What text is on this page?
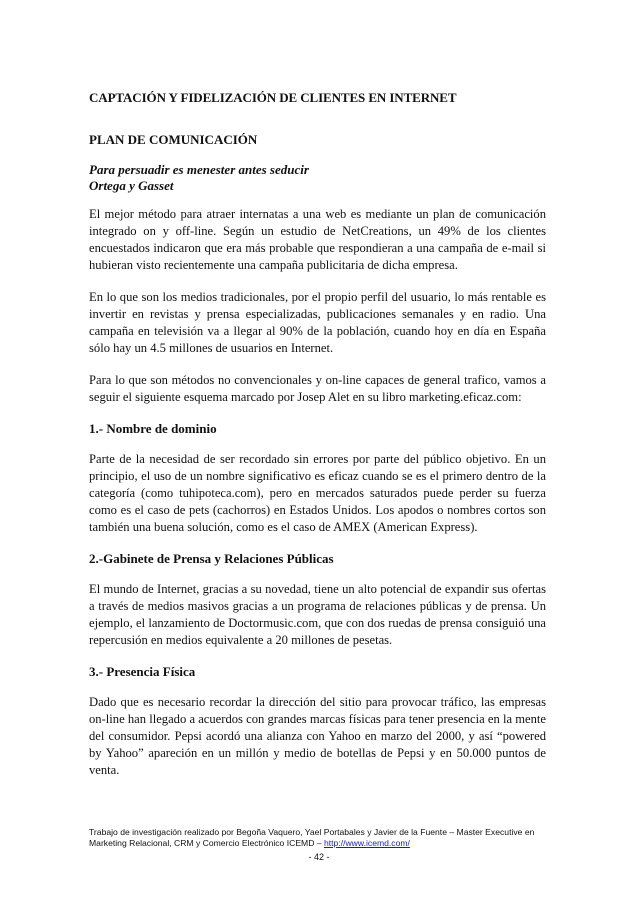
CAPTACIÓN Y FIDELIZACIÓN DE CLIENTES EN INTERNET
PLAN DE COMUNICACIÓN
Para persuadir es menester antes seducir
Ortega y Gasset

El mejor método para atraer internatas a una web es mediante un plan de comunicación integrado on y off-line. Según un estudio de NetCreations, un 49% de los clientes encuestados indicaron que era más probable que respondieran a una campaña de e-mail si hubieran visto recientemente una campaña publicitaria de dicha empresa.

En lo que son los medios tradicionales, por el propio perfil del usuario, lo más rentable es invertir en revistas y prensa especializadas, publicaciones semanales y en radio. Una campaña en televisión va a llegar al 90% de la población, cuando hoy en día en España sólo hay un 4.5 millones de usuarios en Internet.

Para lo que son métodos no convencionales y on-line capaces de general trafico, vamos a seguir el siguiente esquema marcado por Josep Alet en su libro marketing.eficaz.com:

1.- Nombre de dominio

Parte de la necesidad de ser recordado sin errores por parte del público objetivo. En un principio, el uso de un nombre significativo es eficaz cuando se es el primero dentro de la categoría (como tuhipoteca.com), pero en mercados saturados puede perder su fuerza como es el caso de pets (cachorros) en Estados Unidos. Los apodos o nombres cortos son también una buena solución, como es el caso de AMEX (American Express).

2.-Gabinete de Prensa y Relaciones Públicas

El mundo de Internet, gracias a su novedad, tiene un alto potencial de expandir sus ofertas a través de medios masivos gracias a un programa de relaciones públicas y de prensa. Un ejemplo, el lanzamiento de Doctormusic.com, que con dos ruedas de prensa consiguió una repercusión en medios equivalente a 20 millones de pesetas.

3.- Presencia Física

Dado que es necesario recordar la dirección del sitio para provocar tráfico, las empresas on-line han llegado a acuerdos con grandes marcas físicas para tener presencia en la mente del consumidor. Pepsi acordó una alianza con Yahoo en marzo del 2000, y así “powered by Yahoo” apareción en un millón y medio de botellas de Pepsi y en 50.000 puntos de venta.

Trabajo de investigación realizado por Begoña Vaquero, Yael Portabales y Javier de la Fuente – Master Executive en Marketing Relacional, CRM y Comercio Electrónico ICEMD – http://www.icemd.com/
- 42 -
